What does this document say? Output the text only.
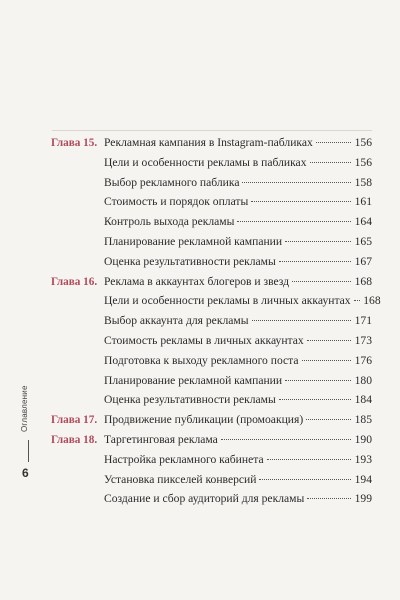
Глава 15. Рекламная кампания в Instagram-пабликах	156
Цели и особенности рекламы в пабликах	156
Выбор рекламного паблика	158
Стоимость и порядок оплаты	161
Контроль выхода рекламы	164
Планирование рекламной кампании	165
Оценка результативности рекламы	167
Глава 16. Реклама в аккаунтах блогеров и звезд	168
Цели и особенности рекламы в личных аккаунтах 168
Выбор аккаунта для рекламы	171
Стоимость рекламы в личных аккаунтах	173
Подготовка к выходу рекламного поста	176
Планирование рекламной кампании	180
Оценка результативности рекламы	184
Глава 17. Продвижение публикации (промоакция)	185
Глава 18. Таргетинговая реклама	190
Настройка рекламного кабинета	193
Установка пикселей конверсий	194
Создание и сбор аудиторий для рекламы	199
Оглавление
6
